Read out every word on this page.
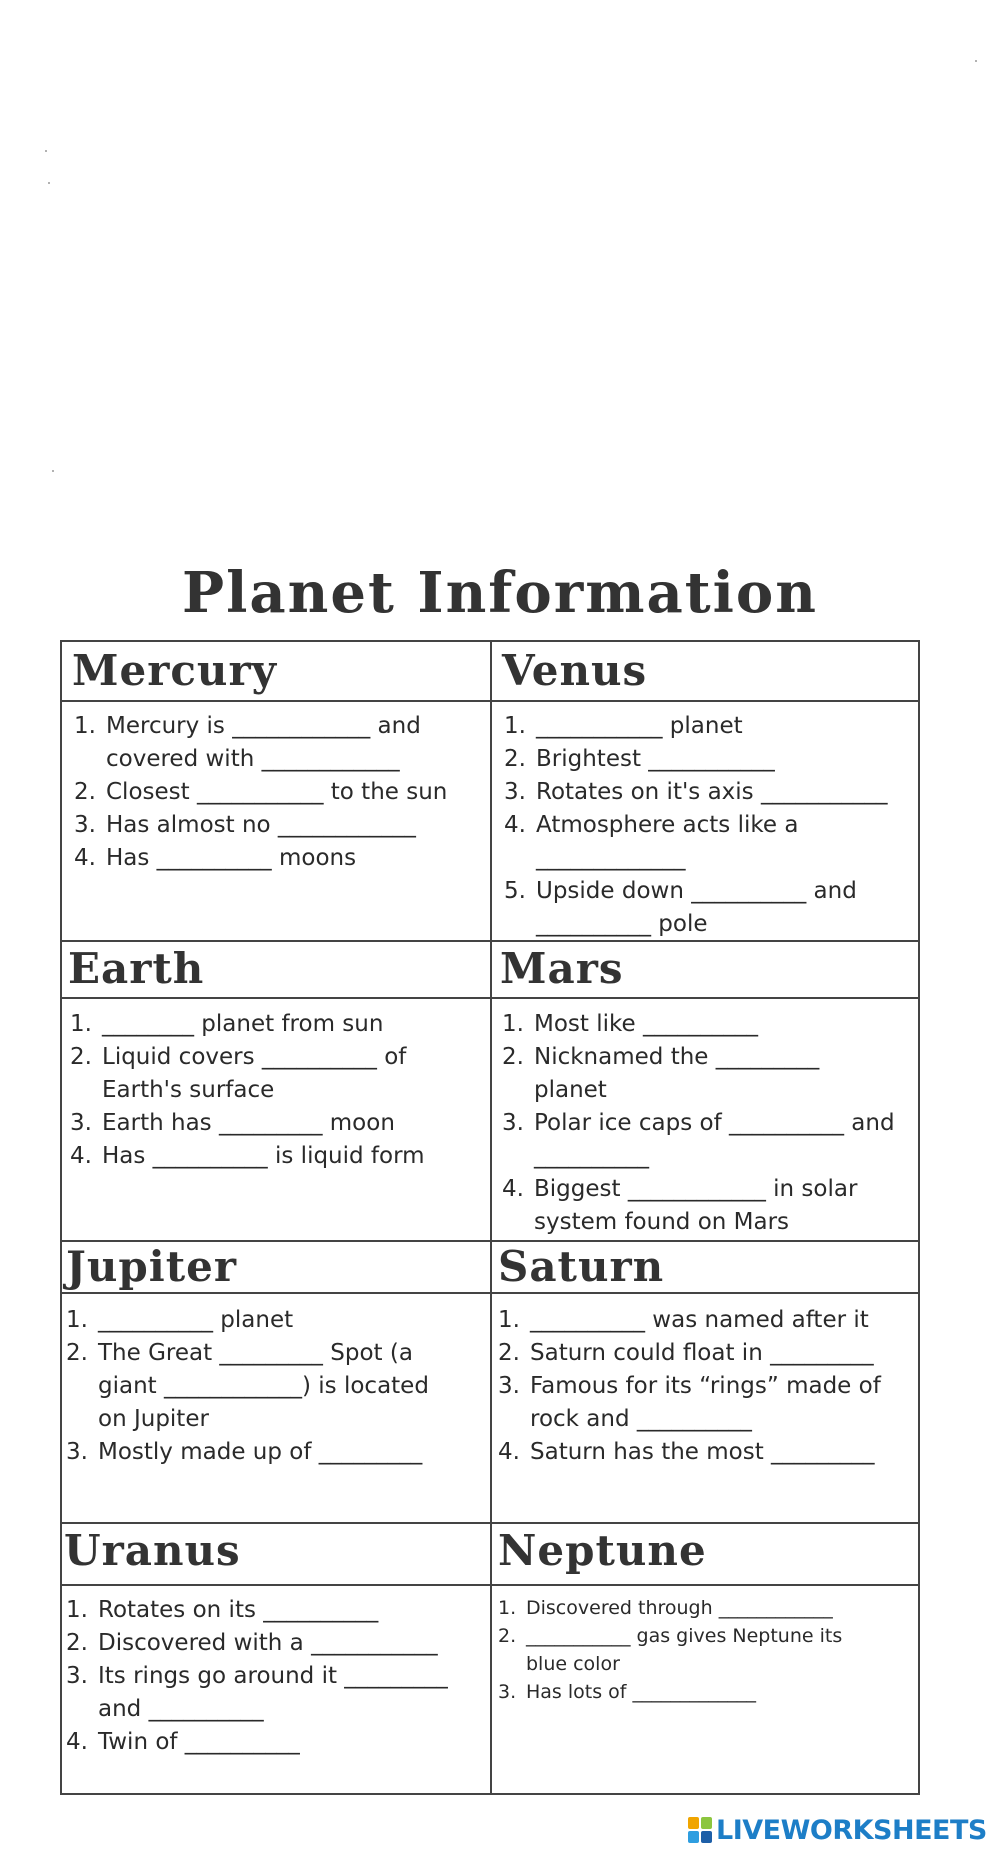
Planet Information
Mercury
1. Mercury is ____________ and
covered with ____________
2. Closest ___________ to the sun
3. Has almost no ____________
4. Has __________ moons
Venus
1. ___________ planet
2. Brightest ___________
3. Rotates on it's axis ___________
4. Atmosphere acts like a
_____________
5. Upside down __________ and
__________ pole
Earth
1. ________ planet from sun
2. Liquid covers __________ of
Earth's surface
3. Earth has _________ moon
4. Has __________ is liquid form
Mars
1. Most like __________
2. Nicknamed the _________
planet
3. Polar ice caps of __________ and
__________
4. Biggest ____________ in solar
system found on Mars
Jupiter
1. __________ planet
2. The Great _________ Spot (a
giant ____________) is located
on Jupiter
3. Mostly made up of _________
Saturn
1. __________ was named after it
2. Saturn could float in _________
3. Famous for its “rings” made of
rock and __________
4. Saturn has the most _________
Uranus
1. Rotates on its __________
2. Discovered with a ___________
3. Its rings go around it _________
and __________
4. Twin of __________
Neptune
1. Discovered through ____________
2. ___________ gas gives Neptune its
blue color
3. Has lots of _____________
LIVEWORKSHEETS
